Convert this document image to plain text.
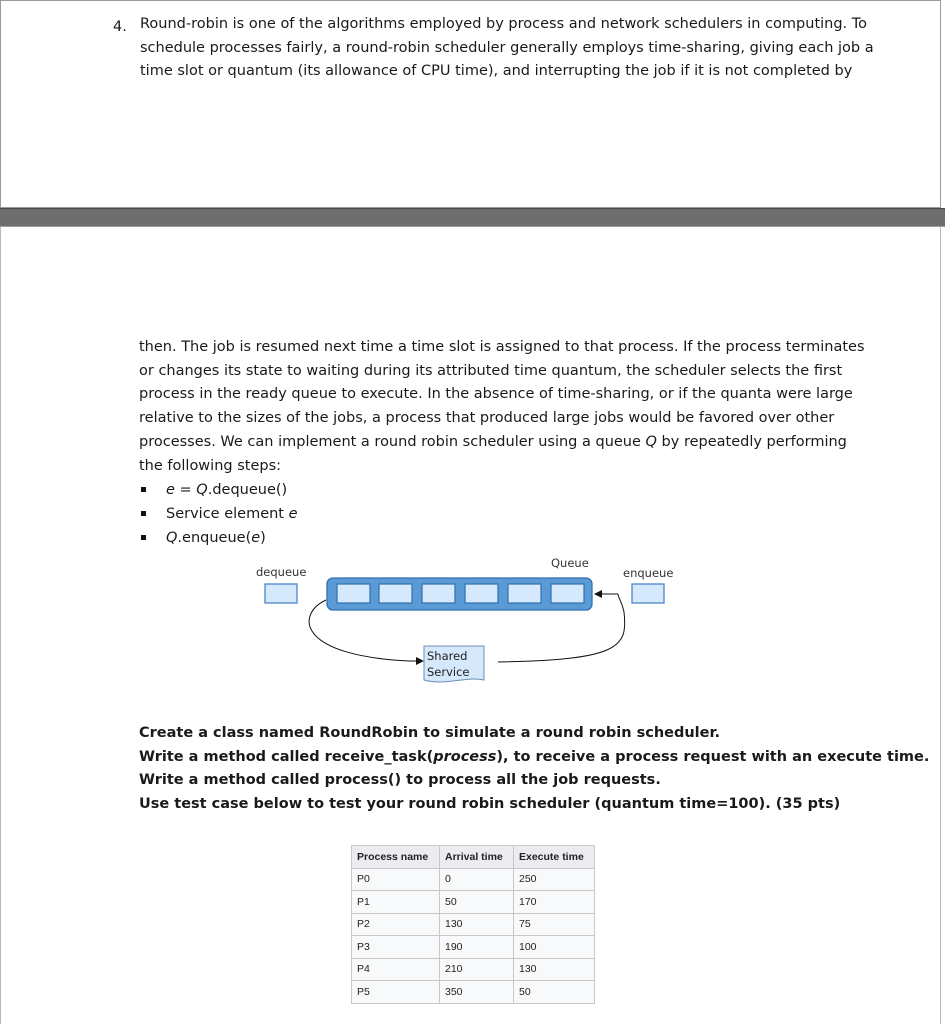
4. Round-robin is one of the algorithms employed by process and network schedulers in computing. To
schedule processes fairly, a round-robin scheduler generally employs time-sharing, giving each job a
time slot or quantum (its allowance of CPU time), and interrupting the job if it is not completed by

then. The job is resumed next time a time slot is assigned to that process. If the process terminates
or changes its state to waiting during its attributed time quantum, the scheduler selects the first
process in the ready queue to execute. In the absence of time-sharing, or if the quanta were large
relative to the sizes of the jobs, a process that produced large jobs would be favored over other
processes. We can implement a round robin scheduler using a queue Q by repeatedly performing
the following steps:

e = Q.dequeue()
Service element e
Q.enqueue(e)
dequeue
Queue
enqueue
Shared
Service

Create a class named RoundRobin to simulate a round robin scheduler.
Write a method called receive_task(process), to receive a process request with an execute time.
Write a method called process() to process all the job requests.
Use test case below to test your round robin scheduler (quantum time=100). (35 pts)

Process name	Arrival time	Execute time
P0	0	250
P1	50	170
P2	130	75
P3	190	100
P4	210	130
P5	350	50
